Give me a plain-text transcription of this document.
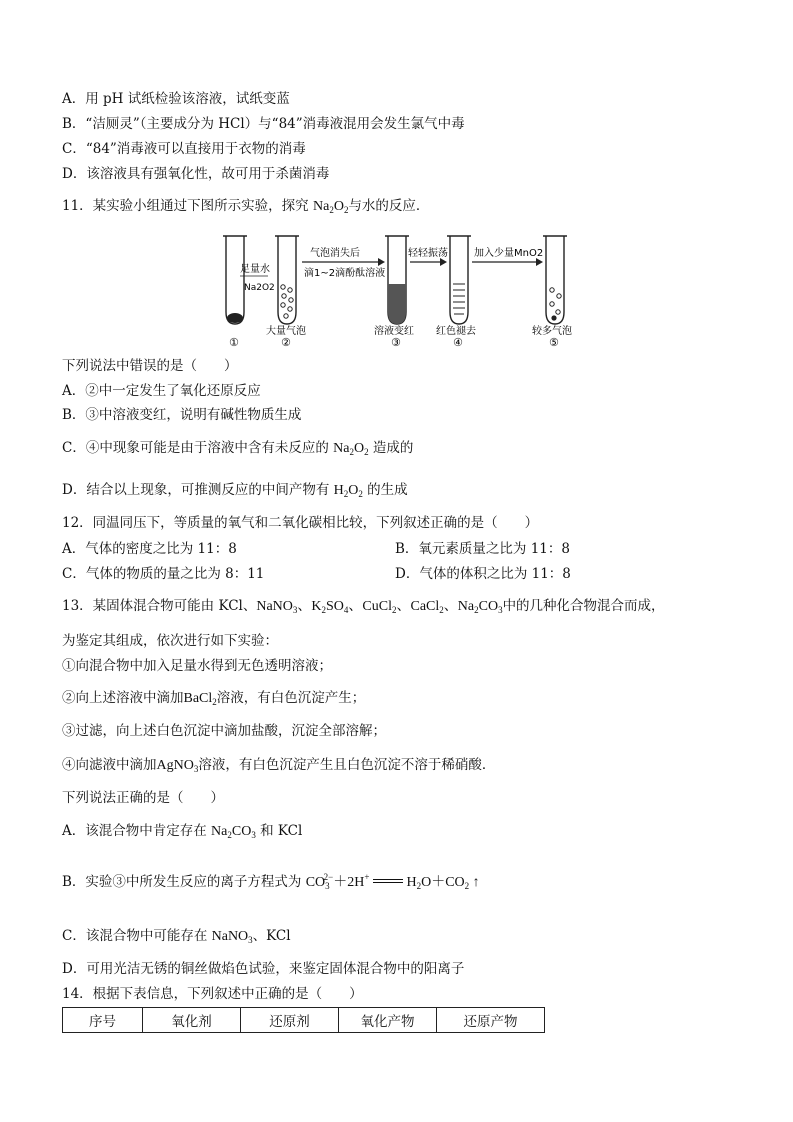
A．用 pH 试纸检验该溶液，试纸变蓝
B．“洁厕灵”（主要成分为 HCl）与“84”消毒液混用会发生氯气中毒
C．“84”消毒液可以直接用于衣物的消毒
D．该溶液具有强氧化性，故可用于杀菌消毒
11．某实验小组通过下图所示实验，探究 $Na_2O_2$与水的反应．
足量水
Na2O2
气泡消失后
滴1~2滴酚酞溶液
轻轻振荡	加入少量MnO2
大量气泡	溶液变红 红色褪去	较多气泡
①	②	③	④	⑤
下列说法中错误的是（　　）
A．②中一定发生了氧化还原反应
B．③中溶液变红，说明有碱性物质生成
C．④中现象可能是由于溶液中含有未反应的 $Na_2O_2$ 造成的
D．结合以上现象，可推测反应的中间产物有 $H_2O_2$ 的生成
12．同温同压下，等质量的氧气和二氧化碳相比较，下列叙述正确的是（　　）
A．气体的密度之比为 11：8	B．氧元素质量之比为 11：8
C．气体的物质的量之比为 8：11	D．气体的体积之比为 11：8
13．某固体混合物可能由 KCl、NaNO$_3$、$K_2SO_4$、CuCl$_2$、CaCl$_2$、$Na_2CO_3$中的几种化合物混合而成，
为鉴定其组成，依次进行如下实验：
①向混合物中加入足量水得到无色透明溶液；
②向上述溶液中滴加BaCl$_2$溶液，有白色沉淀产生；
③过滤，向上述白色沉淀中滴加盐酸，沉淀全部溶解；
④向滤液中滴加AgNO$_3$溶液，有白色沉淀产生且白色沉淀不溶于稀硝酸．
下列说法正确的是（　　）
A．该混合物中肯定存在 $Na_2CO_3$ 和 KCl
B．实验③中所发生反应的离子方程式为 $CO_3^{2-}+2H^+$  $H_2O+CO_2$ ↑
C．该混合物中可能存在 NaNO$_3$、KCl
D．可用光洁无锈的铜丝做焰色试验，来鉴定固体混合物中的阳离子
14．根据下表信息，下列叙述中正确的是（　　）
序号	氧化剂	还原剂	氧化产物	还原产物
